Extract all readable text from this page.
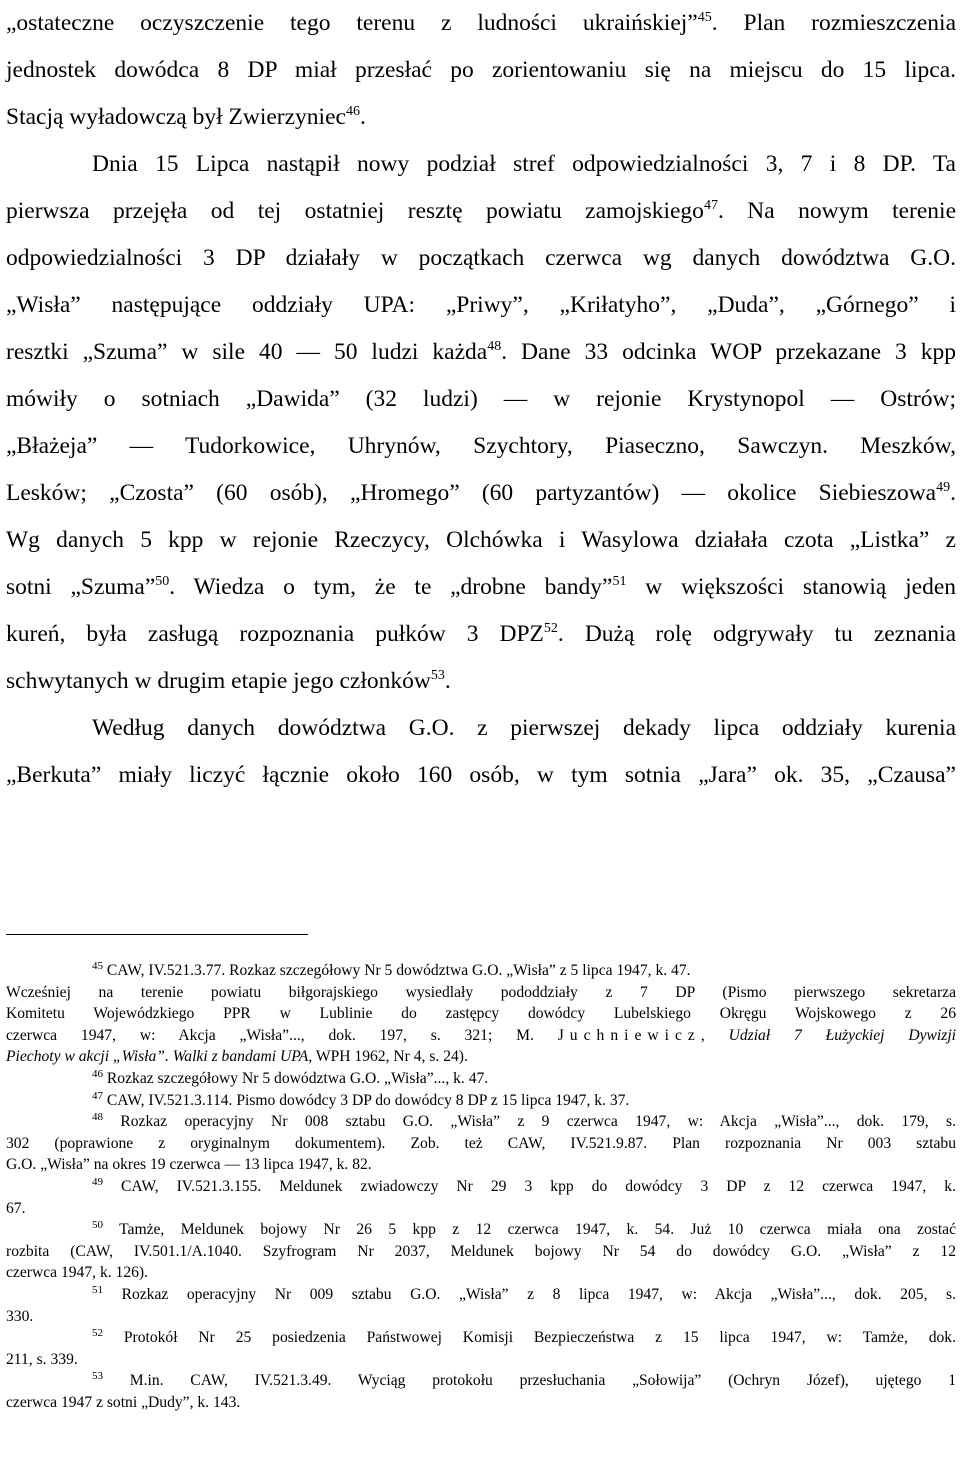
„ostateczne oczyszczenie tego terenu z ludności ukraińskiej”$^{45}$. Plan rozmieszczenia
jednostek dowódca 8 DP miał przesłać po zorientowaniu się na miejscu do 15 lipca.
Stacją wyładowczą był Zwierzyniec$^{46}$.
Dnia 15 Lipca nastąpił nowy podział stref odpowiedzialności 3, 7 i 8 DP. Ta
pierwsza przejęła od tej ostatniej resztę powiatu zamojskiego$^{47}$. Na nowym terenie
odpowiedzialności 3 DP działały w początkach czerwca wg danych dowództwa G.O.
„Wisła” następujące oddziały UPA: „Priwy”, „Kriłatyho”, „Duda”, „Górnego” i
resztki „Szuma” w sile 40 — 50 ludzi każda$^{48}$. Dane 33 odcinka WOP przekazane 3 kpp
mówiły o sotniach „Dawida” (32 ludzi) — w rejonie Krystynopol — Ostrów;
„Błażeja” — Tudorkowice, Uhrynów, Szychtory, Piaseczno, Sawczyn. Meszków,
Lesków; „Czosta” (60 osób), „Hromego” (60 partyzantów) — okolice Siebieszowa$^{49}$.
Wg danych 5 kpp w rejonie Rzeczycy, Olchówka i Wasylowa działała czota „Listka” z
sotni „Szuma”$^{50}$. Wiedza o tym, że te „drobne bandy”$^{51}$ w większości stanowią jeden
kureń, była zasługą rozpoznania pułków 3 DPZ$^{52}$. Dużą rolę odgrywały tu zeznania
schwytanych w drugim etapie jego członków$^{53}$.
Według danych dowództwa G.O. z pierwszej dekady lipca oddziały kurenia
„Berkuta” miały liczyć łącznie około 160 osób, w tym sotnia „Jara” ok. 35, „Czausa”
$^{45}$ CAW, IV.521.3.77. Rozkaz szczegółowy Nr 5 dowództwa G.O. „Wisła” z 5 lipca 1947, k. 47.
Wcześniej na terenie powiatu biłgorajskiego wysiedlały pododdziały z 7 DP (Pismo pierwszego sekretarza
Komitetu Wojewódzkiego PPR w Lublinie do zastępcy dowódcy Lubelskiego Okręgu Wojskowego z 26
czerwca 1947, w: Akcja „Wisła”..., dok. 197, s. 321; M. Juchniewicz, Udział 7 Łużyckiej Dywizji
Piechoty w akcji „Wisła”. Walki z bandami UPA, WPH 1962, Nr 4, s. 24).
$^{46}$ Rozkaz szczegółowy Nr 5 dowództwa G.O. „Wisła”..., k. 47.
$^{47}$ CAW, IV.521.3.114. Pismo dowódcy 3 DP do dowódcy 8 DP z 15 lipca 1947, k. 37.
$^{48}$ Rozkaz operacyjny Nr 008 sztabu G.O. „Wisła” z 9 czerwca 1947, w: Akcja „Wisła”..., dok. 179, s.
302 (poprawione z oryginalnym dokumentem). Zob. też CAW, IV.521.9.87. Plan rozpoznania Nr 003 sztabu
G.O. „Wisła” na okres 19 czerwca — 13 lipca 1947, k. 82.
$^{49}$ CAW, IV.521.3.155. Meldunek zwiadowczy Nr 29 3 kpp do dowódcy 3 DP z 12 czerwca 1947, k.
67.
$^{50}$ Tamże, Meldunek bojowy Nr 26 5 kpp z 12 czerwca 1947, k. 54. Już 10 czerwca miała ona zostać
rozbita (CAW, IV.501.1/A.1040. Szyfrogram Nr 2037, Meldunek bojowy Nr 54 do dowódcy G.O. „Wisła” z 12
czerwca 1947, k. 126).
$^{51}$ Rozkaz operacyjny Nr 009 sztabu G.O. „Wisła” z 8 lipca 1947, w: Akcja „Wisła”..., dok. 205, s.
330.
$^{52}$ Protokół Nr 25 posiedzenia Państwowej Komisji Bezpieczeństwa z 15 lipca 1947, w: Tamże, dok.
211, s. 339.
$^{53}$ M.in. CAW, IV.521.3.49. Wyciąg protokołu przesłuchania „Sołowija” (Ochryn Józef), ujętego 1
czerwca 1947 z sotni „Dudy”, k. 143.
